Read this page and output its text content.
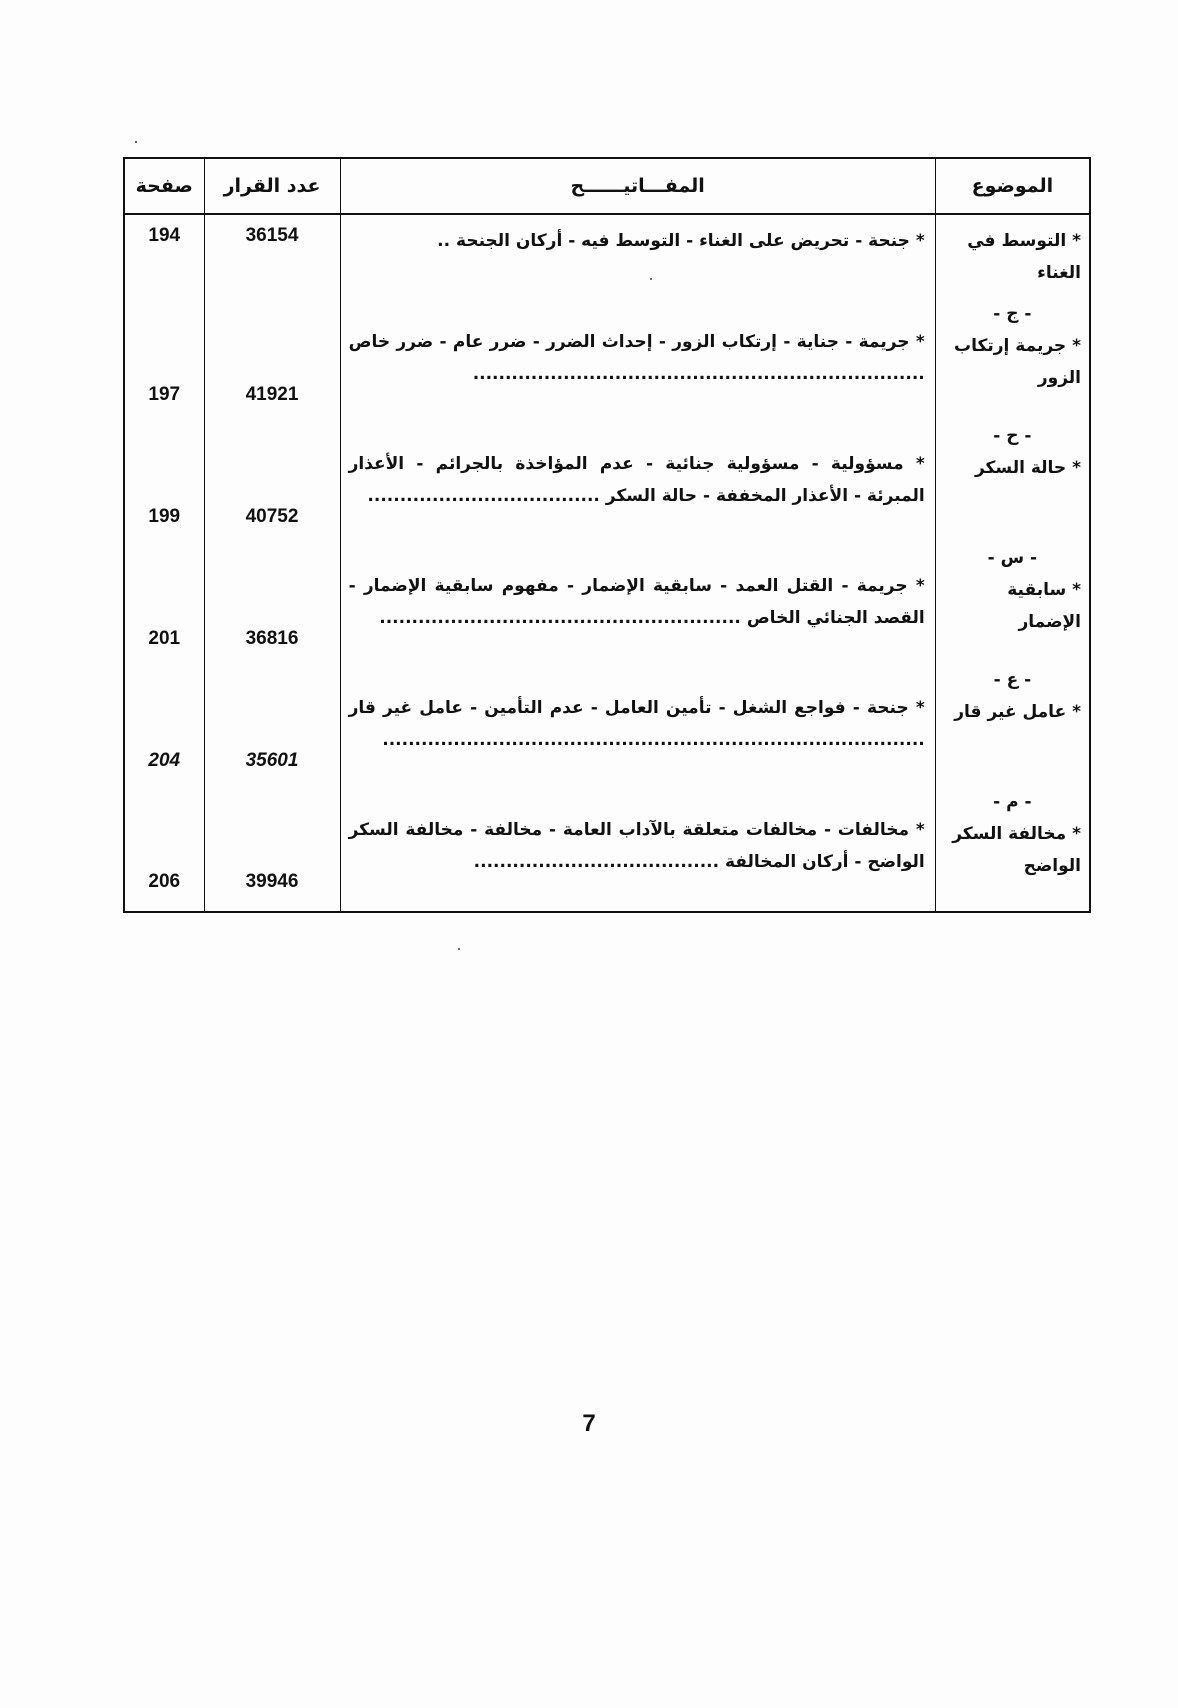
الموضوع	المفـــاتيــــــح	عدد القرار	صفحة

* التوسط في الغناء	* جنحة - تحريض على الغناء - التوسط فيه - أركان الجنحة ..	36154	194

- ج -
* جريمة إرتكاب الزور	* جريمة - جناية - إرتكاب الزور - إحداث الضرر - ضرر عام - ضرر خاص ......................................................................	41921	197

- ح -
* حالة السكر	* مسؤولية - مسؤولية جنائية - عدم المؤاخذة بالجرائم - الأعذار المبرئة - الأعذار المخففة - حالة السكر ....................................	40752	199

- س -
* سابقية الإضمار	* جريمة - القتل العمد - سابقية الإضمار - مفهوم سابقية الإضمار - القصد الجنائي الخاص ........................................................	36816	201

- ع -
* عامل غير قار	* جنحة - فواجع الشغل - تأمين العامل - عدم التأمين - عامل غير قار ....................................................................................	35601	204

- م -
* مخالفة السكر الواضح	* مخالفات - مخالفات متعلقة بالآداب العامة - مخالفة - مخالفة السكر الواضح - أركان المخالفة ......................................	39946	206
7
